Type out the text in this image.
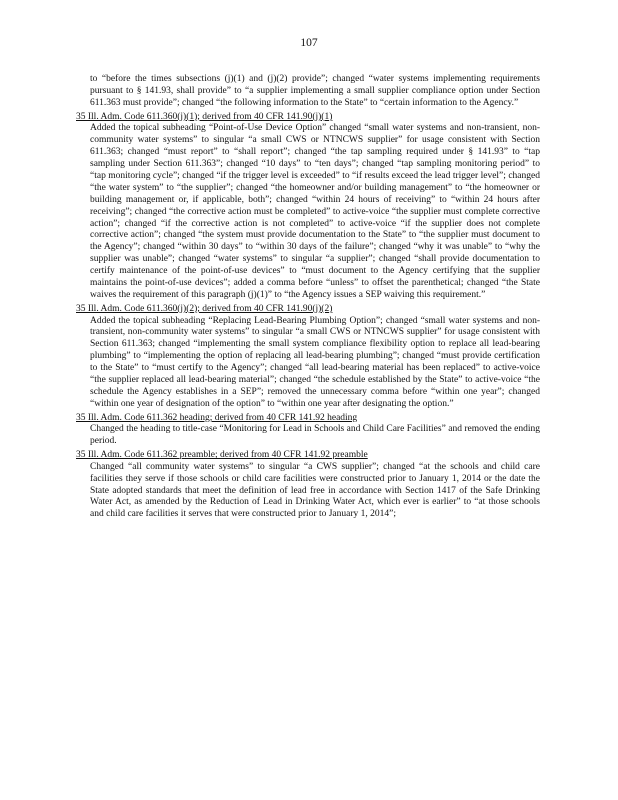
107
to “before the times subsections (j)(1) and (j)(2) provide”; changed “water systems implementing requirements pursuant to § 141.93, shall provide” to “a supplier implementing a small supplier compliance option under Section 611.363 must provide”; changed “the following information to the State” to “certain information to the Agency.”
35 Ill. Adm. Code 611.360(j)(1); derived from 40 CFR 141.90(j)(1)
Added the topical subheading “Point-of-Use Device Option” changed “small water systems and non-transient, non-community water systems” to singular “a small CWS or NTNCWS supplier” for usage consistent with Section 611.363; changed “must report” to “shall report”; changed “the tap sampling required under § 141.93” to “tap sampling under Section 611.363”; changed “10 days” to “ten days”; changed “tap sampling monitoring period” to “tap monitoring cycle”; changed “if the trigger level is exceeded” to “if results exceed the lead trigger level”; changed “the water system” to “the supplier”; changed “the homeowner and/or building management” to “the homeowner or building management or, if applicable, both”; changed “within 24 hours of receiving” to “within 24 hours after receiving”; changed “the corrective action must be completed” to active-voice “the supplier must complete corrective action”; changed “if the corrective action is not completed” to active-voice “if the supplier does not complete corrective action”; changed “the system must provide documentation to the State” to “the supplier must document to the Agency”; changed “within 30 days” to “within 30 days of the failure”; changed “why it was unable” to “why the supplier was unable”; changed “water systems” to singular “a supplier”; changed “shall provide documentation to certify maintenance of the point-of-use devices” to “must document to the Agency certifying that the supplier maintains the point-of-use devices”; added a comma before “unless” to offset the parenthetical; changed “the State waives the requirement of this paragraph (j)(1)” to “the Agency issues a SEP waiving this requirement.”
35 Ill. Adm. Code 611.360(j)(2); derived from 40 CFR 141.90(j)(2)
Added the topical subheading “Replacing Lead-Bearing Plumbing Option”; changed “small water systems and non-transient, non-community water systems” to singular “a small CWS or NTNCWS supplier” for usage consistent with Section 611.363; changed “implementing the small system compliance flexibility option to replace all lead-bearing plumbing” to “implementing the option of replacing all lead-bearing plumbing”; changed “must provide certification to the State” to “must certify to the Agency”; changed “all lead-bearing material has been replaced” to active-voice “the supplier replaced all lead-bearing material”; changed “the schedule established by the State” to active-voice “the schedule the Agency establishes in a SEP”; removed the unnecessary comma before “within one year”; changed “within one year of designation of the option” to “within one year after designating the option.”
35 Ill. Adm. Code 611.362 heading; derived from 40 CFR 141.92 heading
Changed the heading to title-case “Monitoring for Lead in Schools and Child Care Facilities” and removed the ending period.
35 Ill. Adm. Code 611.362 preamble; derived from 40 CFR 141.92 preamble
Changed “all community water systems” to singular “a CWS supplier”; changed “at the schools and child care facilities they serve if those schools or child care facilities were constructed prior to January 1, 2014 or the date the State adopted standards that meet the definition of lead free in accordance with Section 1417 of the Safe Drinking Water Act, as amended by the Reduction of Lead in Drinking Water Act, which ever is earlier” to “at those schools and child care facilities it serves that were constructed prior to January 1, 2014”;
